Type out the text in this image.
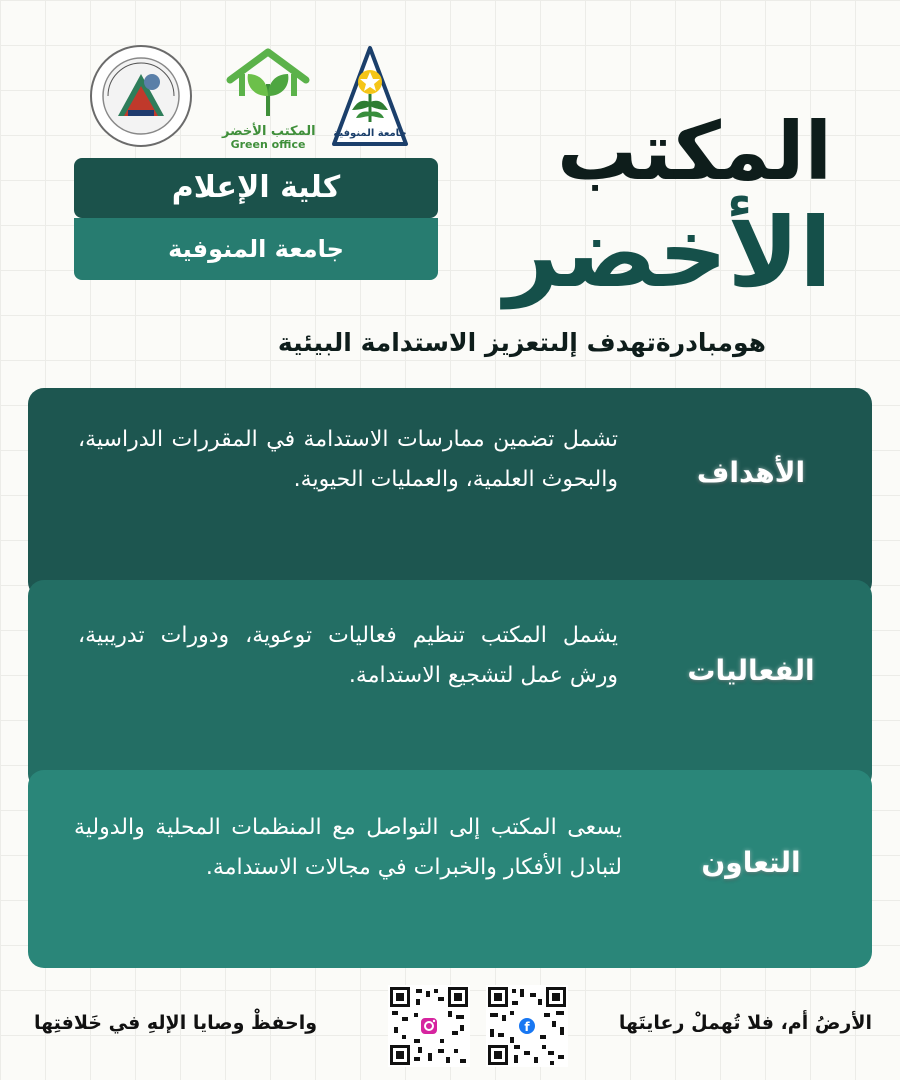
المكتب الأخضر
Green office
جامعة المنوفية المكتب
الأخضر
كلية الإعلام
جامعة المنوفية
هومبادرةتهدف إلىتعزيز الاستدامة البيئية
الأهداف
تشمل تضمين ممارسات الاستدامة في المقررات الدراسية، والبحوث العلمية، والعمليات الحيوية.
الفعاليات
يشمل المكتب تنظيم فعاليات توعوية، ودورات تدريبية، ورش عمل لتشجيع الاستدامة.
التعاون
يسعى المكتب إلى التواصل مع المنظمات المحلية والدولية لتبادل الأفكار والخبرات في مجالات الاستدامة.
الأرضُ أم، فلا تُهملْ رعايتَها
واحفظْ وصايا الإلهِ في خَلافتِها	f
